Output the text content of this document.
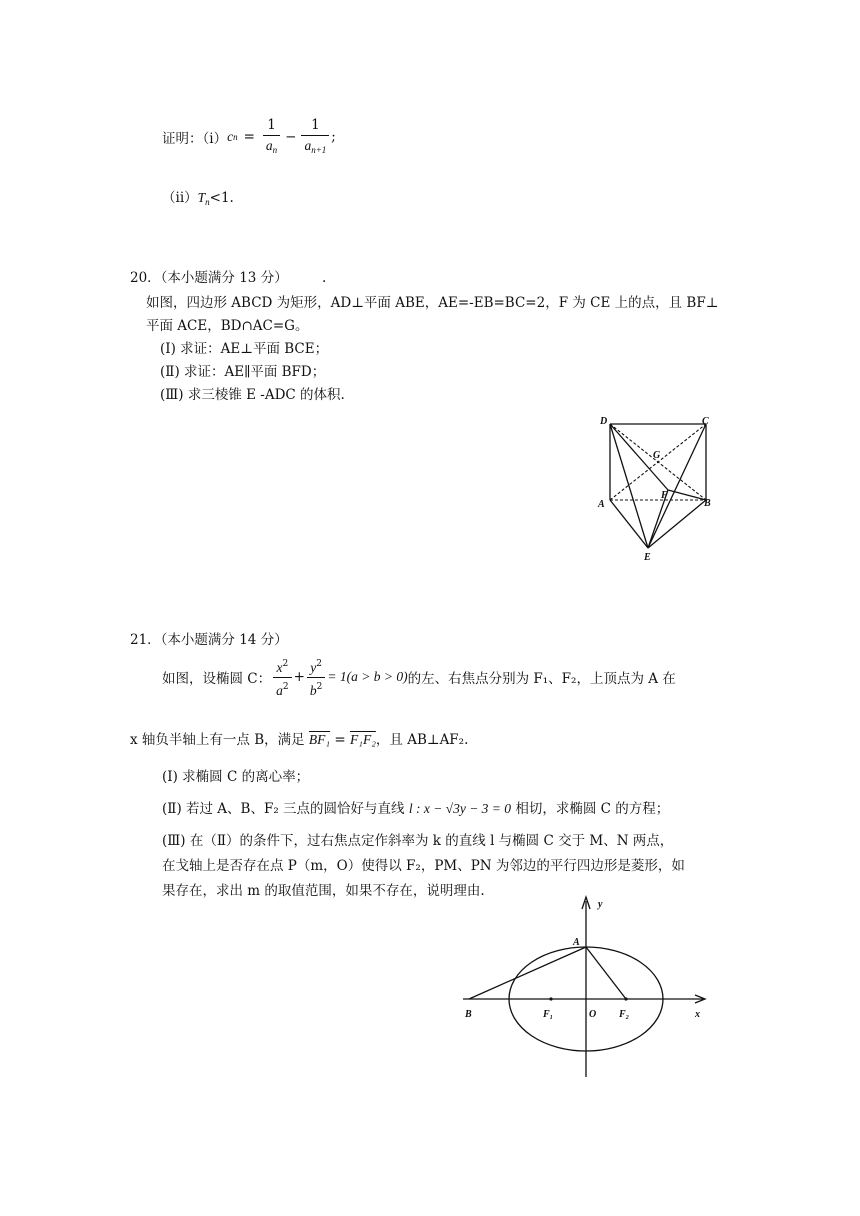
证明：（i） c $n = \frac{1}{a_n} - \frac{1}{a_{n+1}}$ ;
$(ii)T_n<1$.
20．（本小题满分 13 分）        .
如图，四边形 ABCD 为矩形，AD⊥平面 ABE，AE=-EB=BC=2，F 为 CE 上的点，且 BF⊥
平面 ACE，BD∩AC=G。
(I) 求证：AE⊥平面 BCE；
(Ⅱ) 求证：AE∥平面 BFD；
(Ⅲ) 求三棱锥 E -ADC 的体积.
D	C
G
F
A	B
E
21．（本小题满分 14 分）
如图，设椭圆 C： $\frac{x^2}{a^2} + \frac{y^2}{b^2} = 1(a > b > 0)$ 的左、右焦点分别为 F₁、F₂，上顶点为 A 在
x 轴负半轴上有一点 B，满足 BF₁ = F₁F₂，且 AB⊥AF₂.
(I) 求椭圆 C 的离心率；
(Ⅱ) 若过 A、B、F₂ 三点的圆恰好与直线 l : x − √3y − 3 = 0 相切，求椭圆 C 的方程；
(Ⅲ) 在（Ⅱ）的条件下，过右焦点定作斜率为 k 的直线 l 与椭圆 C 交于 M、N 两点，
在戈轴上是否存在点 P（m，O）使得以 F₂，PM、PN 为邻边的平行四边形是菱形，如
果存在，求出 m 的取值范围，如果不存在，说明理由.
y
A
B	F₁	O F₂	x
